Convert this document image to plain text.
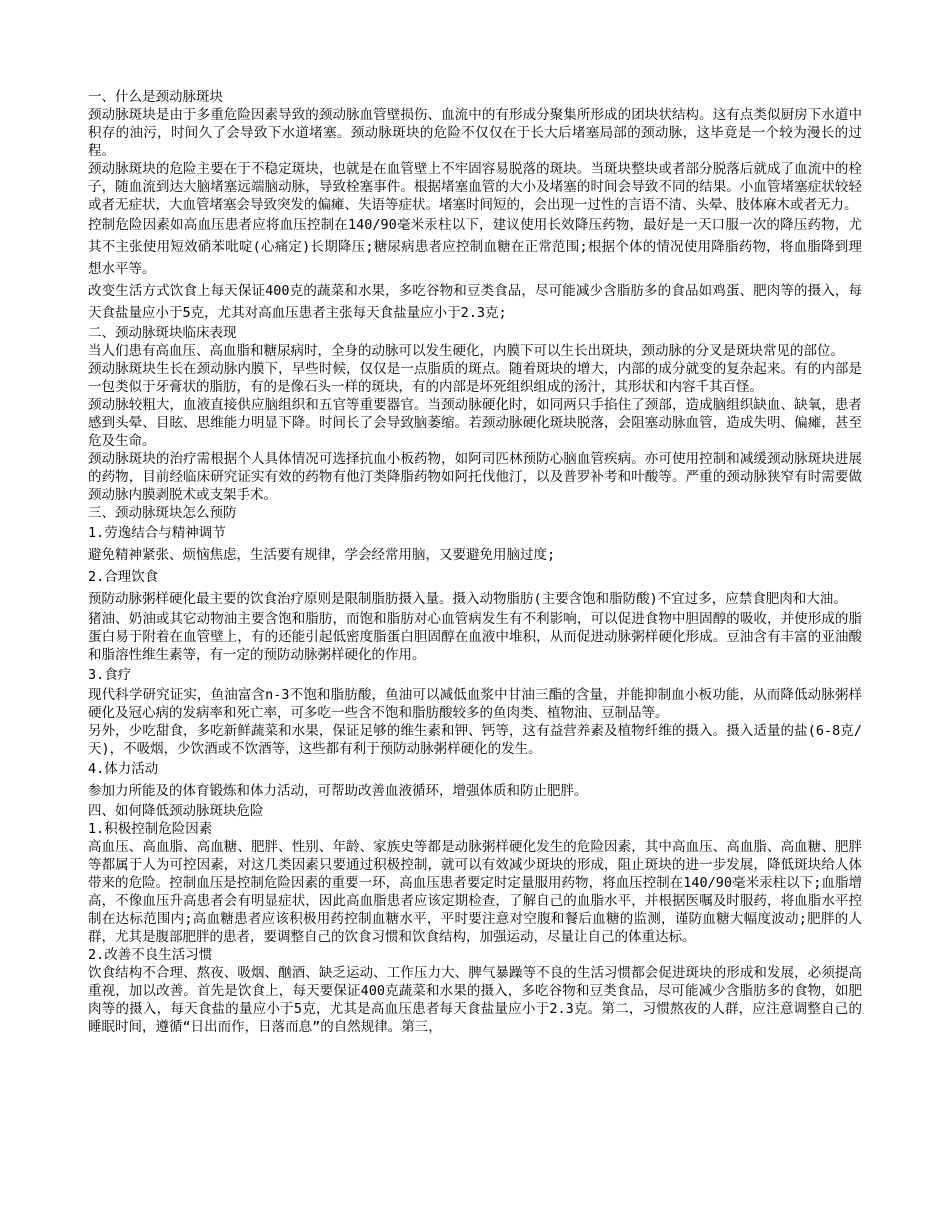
一、什么是颈动脉斑块

颈动脉斑块是由于多重危险因素导致的颈动脉血管壁损伤、血流中的有形成分聚集所形成的团块状结构。这有点类似厨房下水道中积存的油污，时间久了会导致下水道堵塞。颈动脉斑块的危险不仅仅在于长大后堵塞局部的颈动脉，这毕竟是一个较为漫长的过程。

颈动脉斑块的危险主要在于不稳定斑块，也就是在血管壁上不牢固容易脱落的斑块。当斑块整块或者部分脱落后就成了血流中的栓子，随血流到达大脑堵塞远端脑动脉，导致栓塞事件。根据堵塞血管的大小及堵塞的时间会导致不同的结果。小血管堵塞症状较轻或者无症状，大血管堵塞会导致突发的偏瘫、失语等症状。堵塞时间短的，会出现一过性的言语不清、头晕、肢体麻木或者无力。

控制危险因素如高血压患者应将血压控制在140/90毫米汞柱以下，建议使用长效降压药物，最好是一天口服一次的降压药物，尤其不主张使用短效硝苯吡啶(心痛定)长期降压;糖尿病患者应控制血糖在正常范围;根据个体的情况使用降脂药物，将血脂降到理想水平等。

改变生活方式饮食上每天保证400克的蔬菜和水果，多吃谷物和豆类食品，尽可能减少含脂肪多的食品如鸡蛋、肥肉等的摄入，每天食盐量应小于5克，尤其对高血压患者主张每天食盐量应小于2.3克;

二、颈动脉斑块临床表现

当人们患有高血压、高血脂和糖尿病时，全身的动脉可以发生硬化，内膜下可以生长出斑块，颈动脉的分叉是斑块常见的部位。

颈动脉斑块生长在颈动脉内膜下，早些时候，仅仅是一点脂质的斑点。随着斑块的增大，内部的成分就变的复杂起来。有的内部是一包类似于牙膏状的脂肪，有的是像石头一样的斑块，有的内部是坏死组织组成的汤汁，其形状和内容千其百怪。

颈动脉较粗大，血液直接供应脑组织和五官等重要器官。当颈动脉硬化时，如同两只手掐住了颈部，造成脑组织缺血、缺氧，患者感到头晕、目眩、思维能力明显下降。时间长了会导致脑萎缩。若颈动脉硬化斑块脱落，会阻塞动脉血管，造成失明、偏瘫，甚至危及生命。

颈动脉斑块的治疗需根据个人具体情况可选择抗血小板药物，如阿司匹林预防心脑血管疾病。亦可使用控制和减缓颈动脉斑块进展的药物，目前经临床研究证实有效的药物有他汀类降脂药物如阿托伐他汀，以及普罗补考和叶酸等。严重的颈动脉狭窄有时需要做颈动脉内膜剥脱术或支架手术。

三、颈动脉斑块怎么预防

1.劳逸结合与精神调节

避免精神紧张、烦恼焦虑，生活要有规律，学会经常用脑，又要避免用脑过度;

2.合理饮食

预防动脉粥样硬化最主要的饮食治疗原则是限制脂肪摄入量。摄入动物脂肪(主要含饱和脂防酸)不宜过多，应禁食肥肉和大油。

猪油、奶油或其它动物油主要含饱和脂肪，而饱和脂肪对心血管病发生有不利影响，可以促进食物中胆固醇的吸收，并使形成的脂蛋白易于附着在血管壁上，有的还能引起低密度脂蛋白胆固醇在血液中堆积，从而促进动脉粥样硬化形成。豆油含有丰富的亚油酸和脂溶性维生素等，有一定的预防动脉粥样硬化的作用。

3.食疗

现代科学研究证实，鱼油富含n-3不饱和脂肪酸，鱼油可以减低血浆中甘油三酯的含量，并能抑制血小板功能，从而降低动脉粥样硬化及冠心病的发病率和死亡率，可多吃一些含不饱和脂肪酸较多的鱼肉类、植物油、豆制品等。

另外，少吃甜食，多吃新鲜蔬菜和水果，保证足够的维生素和钾、钙等，这有益营养素及植物纤维的摄入。摄入适量的盐(6-8克/天)，不吸烟，少饮酒或不饮酒等，这些都有利于预防动脉粥样硬化的发生。

4.体力活动

参加力所能及的体育锻炼和体力活动，可帮助改善血液循环，增强体质和防止肥胖。

四、如何降低颈动脉斑块危险

1.积极控制危险因素

高血压、高血脂、高血糖、肥胖、性别、年龄、家族史等都是动脉粥样硬化发生的危险因素，其中高血压、高血脂、高血糖、肥胖等都属于人为可控因素，对这几类因素只要通过积极控制，就可以有效减少斑块的形成，阻止斑块的进一步发展，降低斑块给人体带来的危险。控制血压是控制危险因素的重要一环，高血压患者要定时定量服用药物，将血压控制在140/90毫米汞柱以下;血脂增高，不像血压升高患者会有明显症状，因此高血脂患者应该定期检查，了解自己的血脂水平，并根据医嘱及时服药，将血脂水平控制在达标范围内;高血糖患者应该积极用药控制血糖水平，平时要注意对空腹和餐后血糖的监测，谨防血糖大幅度波动;肥胖的人群，尤其是腹部肥胖的患者，要调整自己的饮食习惯和饮食结构，加强运动，尽量让自己的体重达标。

2.改善不良生活习惯

饮食结构不合理、熬夜、吸烟、酗酒、缺乏运动、工作压力大、脾气暴躁等不良的生活习惯都会促进斑块的形成和发展，必须提高重视，加以改善。首先是饮食上，每天要保证400克蔬菜和水果的摄入，多吃谷物和豆类食品，尽可能减少含脂肪多的食物，如肥肉等的摄入，每天食盐的量应小于5克，尤其是高血压患者每天食盐量应小于2.3克。第二，习惯熬夜的人群，应注意调整自己的睡眠时间，遵循“日出而作，日落而息”的自然规律。第三，
